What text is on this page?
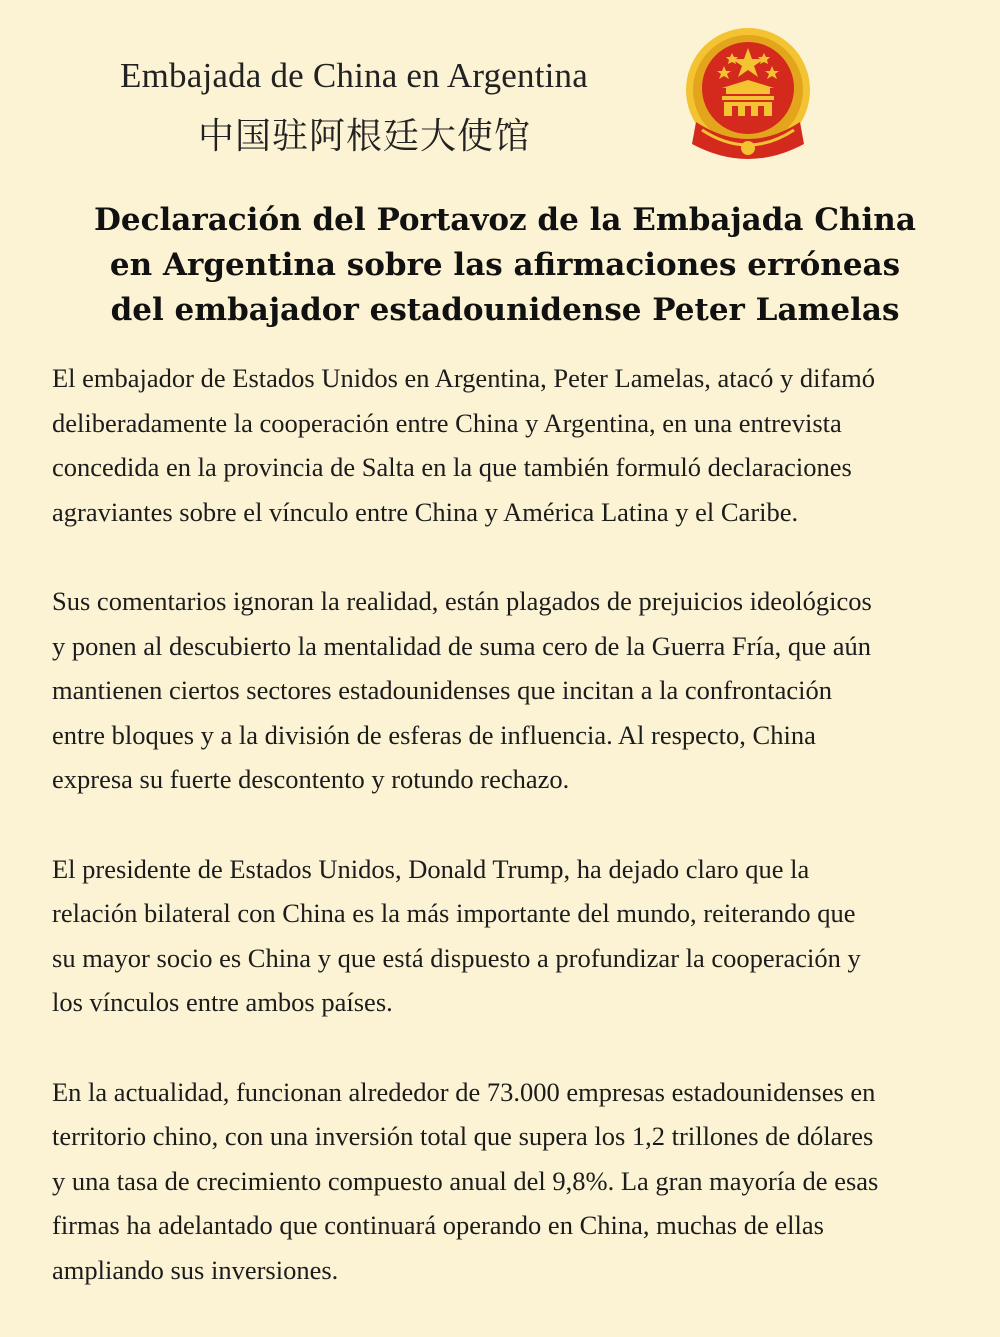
Embajada de China en Argentina
中国驻阿根廷大使馆
Declaración del Portavoz de la Embajada China
en Argentina sobre las afirmaciones erróneas
del embajador estadounidense Peter Lamelas
El embajador de Estados Unidos en Argentina, Peter Lamelas, atacó y difamó
deliberadamente la cooperación entre China y Argentina, en una entrevista
concedida en la provincia de Salta en la que también formuló declaraciones
agraviantes sobre el vínculo entre China y América Latina y el Caribe.
Sus comentarios ignoran la realidad, están plagados de prejuicios ideológicos
y ponen al descubierto la mentalidad de suma cero de la Guerra Fría, que aún
mantienen ciertos sectores estadounidenses que incitan a la confrontación
entre bloques y a la división de esferas de influencia. Al respecto, China
expresa su fuerte descontento y rotundo rechazo.
El presidente de Estados Unidos, Donald Trump, ha dejado claro que la
relación bilateral con China es la más importante del mundo, reiterando que
su mayor socio es China y que está dispuesto a profundizar la cooperación y
los vínculos entre ambos países.
En la actualidad, funcionan alrededor de 73.000 empresas estadounidenses en
territorio chino, con una inversión total que supera los 1,2 trillones de dólares
y una tasa de crecimiento compuesto anual del 9,8%. La gran mayoría de esas
firmas ha adelantado que continuará operando en China, muchas de ellas
ampliando sus inversiones.
